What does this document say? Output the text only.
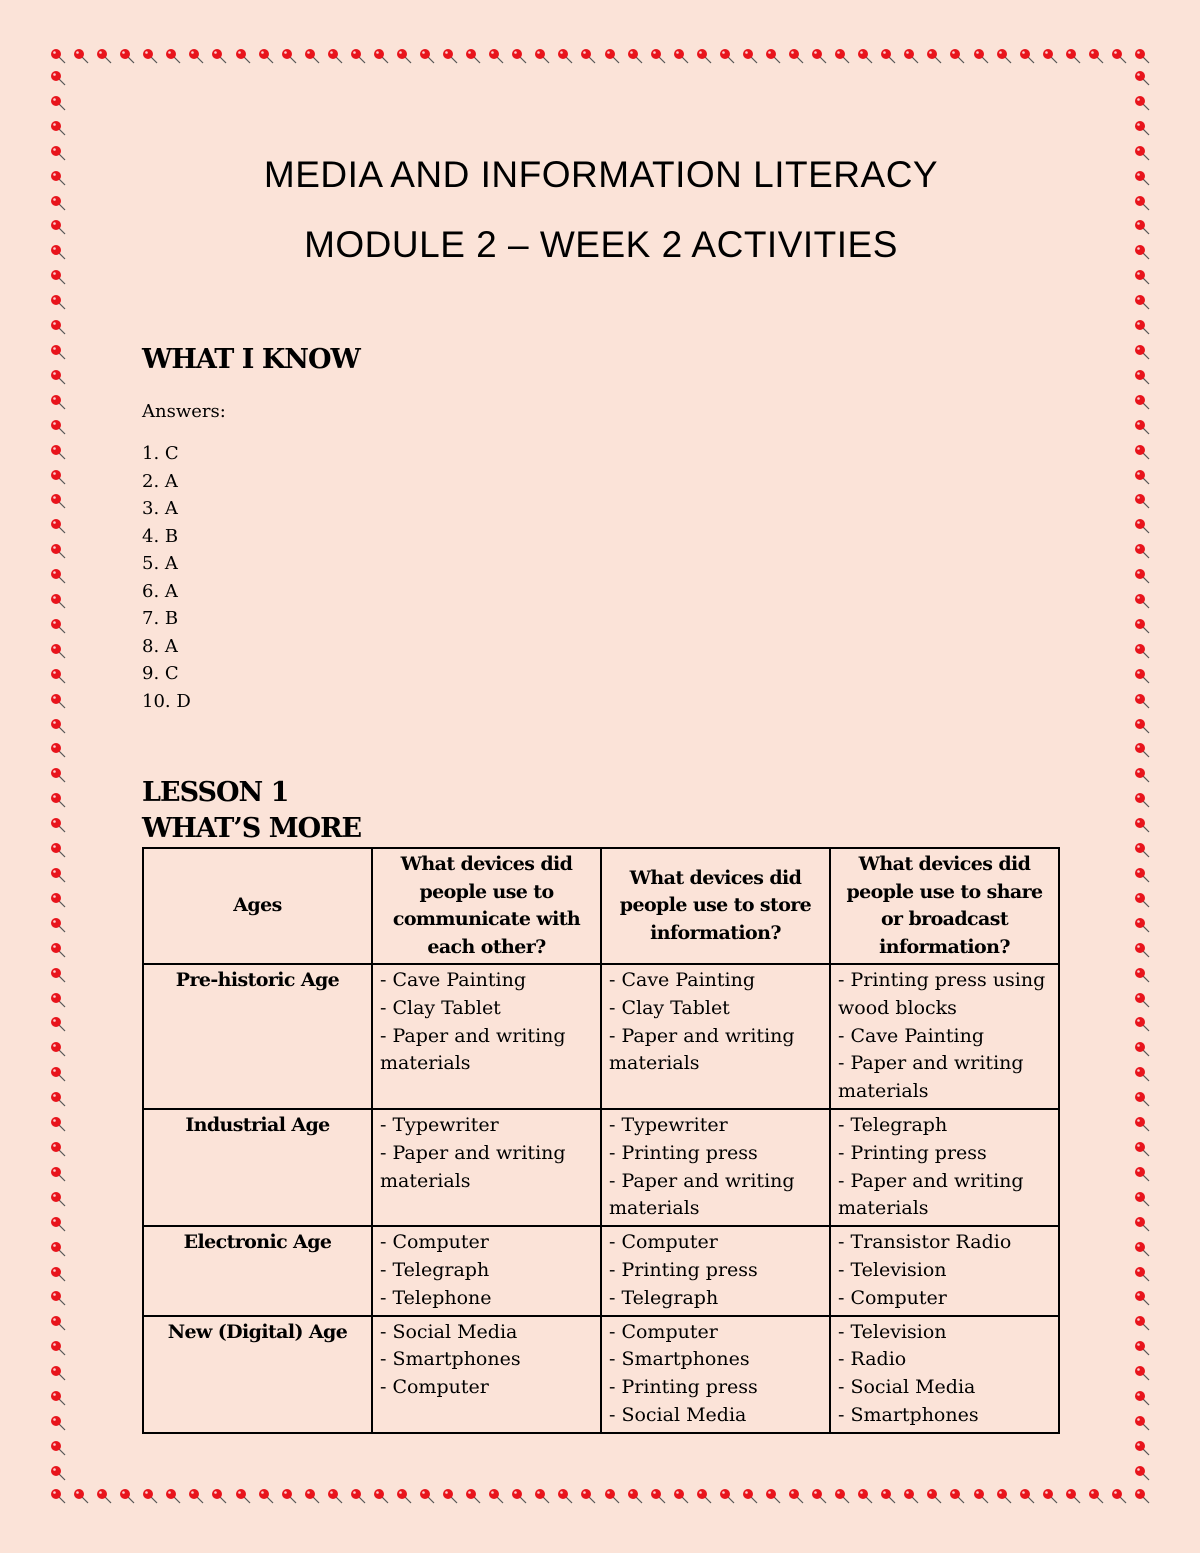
MEDIA AND INFORMATION LITERACY
MODULE 2 – WEEK 2 ACTIVITIES
WHAT I KNOW
Answers:
1. C
2. A
3. A
4. B
5. A
6. A
7. B
8. A
9. C
10. D
LESSON 1
WHAT’S MORE
Ages	What devices did people use to communicate with each other?	What devices did people use to store information?	What devices did people use to share or broadcast information?
Pre-historic Age	- Cave Painting
- Clay Tablet
- Paper and writing materials	- Cave Painting
- Clay Tablet
- Paper and writing materials	- Printing press using wood blocks
- Cave Painting
- Paper and writing materials

Industrial Age	- Typewriter
- Paper and writing materials	- Typewriter
- Printing press
- Paper and writing materials	- Telegraph
- Printing press
- Paper and writing materials

Electronic Age	- Computer
- Telegraph
- Telephone	- Computer
- Printing press
- Telegraph	- Transistor Radio
- Television
- Computer

New (Digital) Age	- Social Media
- Smartphones
- Computer	- Computer
- Smartphones
- Printing press
- Social Media	- Television
- Radio
- Social Media
- Smartphones
